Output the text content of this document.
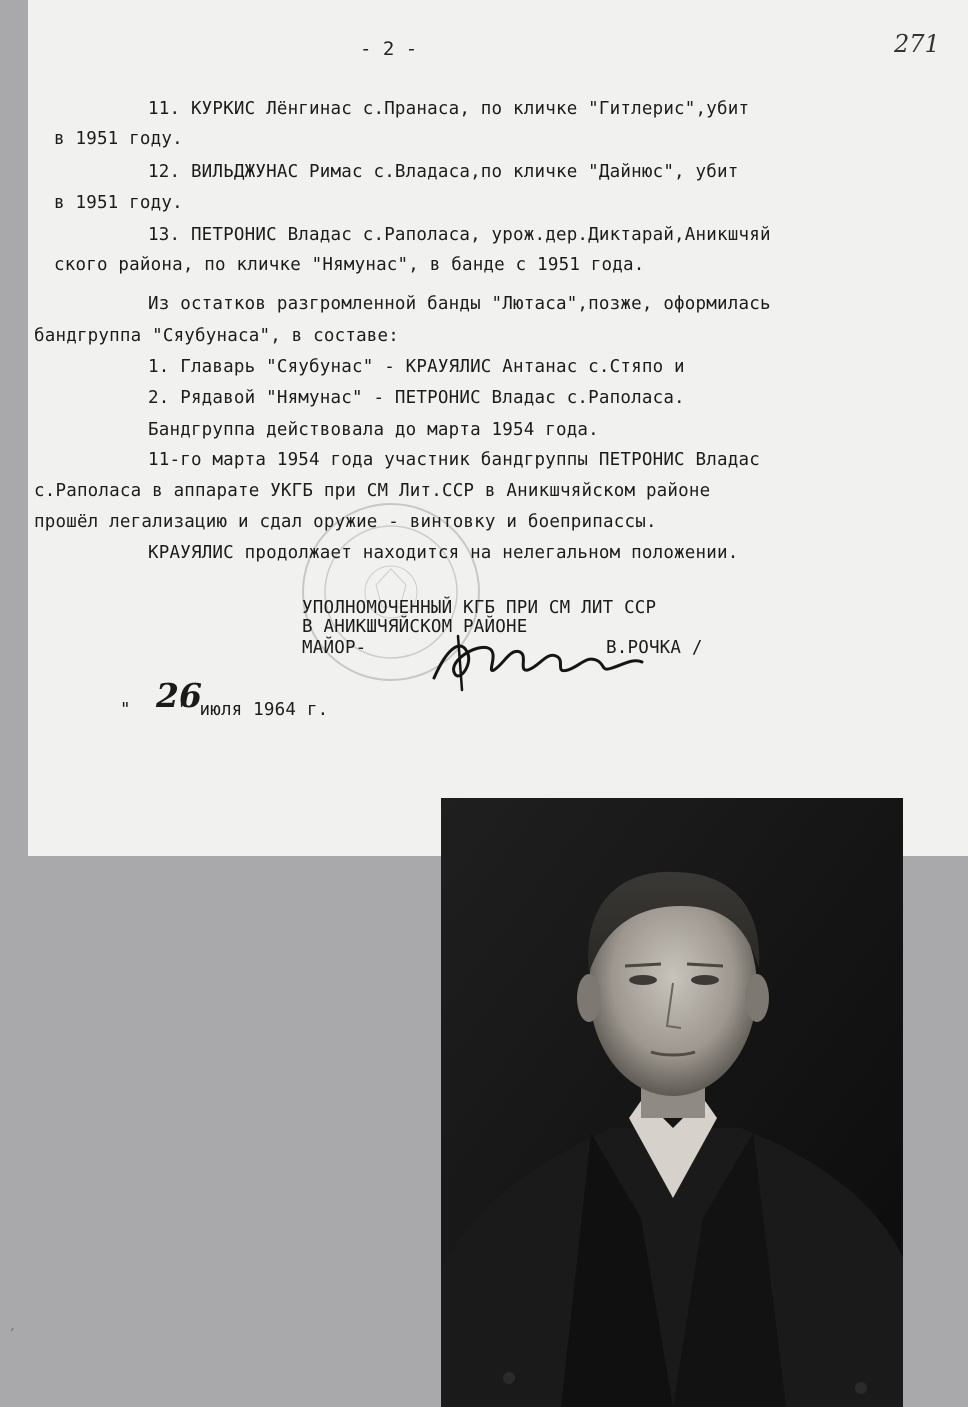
- 2 -	271
11. КУРКИС Лёнгинас с.Пранаса, по кличке "Гитлерис",убит
в 1951 году.
12. ВИЛЬДЖУНАС Римас с.Владаса,по кличке "Дайнюс", убит
в 1951 году.
13. ПЕТРОНИС Владас с.Раполаса, урож.дер.Диктарай,Аникшчяй
ского района, по кличке "Нямунас", в банде с 1951 года.
Из остатков разгромленной банды "Лютаса",позже, оформилась
бандгруппа "Сяубунаса", в составе:
1. Главарь "Сяубунас" - КРАУЯЛИС Антанас с.Стяпо и
2. Рядавой "Нямунас" - ПЕТРОНИС Владас с.Раполаса.
Бандгруппа действовала до марта 1954 года.
11-го марта 1954 года участник бандгруппы ПЕТРОНИС Владас
с.Раполаса в аппарате УКГБ при СМ Лит.ССР в Аникшчяйском районе
прошёл легализацию и сдал оружие - винтовку и боеприпассы.
КРАУЯЛИС продолжает находится на нелегальном положении.
УПОЛНОМОЧЕННЫЙ КГБ ПРИ СМ ЛИТ ССР
В АНИКШЧЯЙСКОМ РАЙОНЕ
МАЙОР-	В.РОЧКА /
" 26
" июля 1964 г.
ˊ
